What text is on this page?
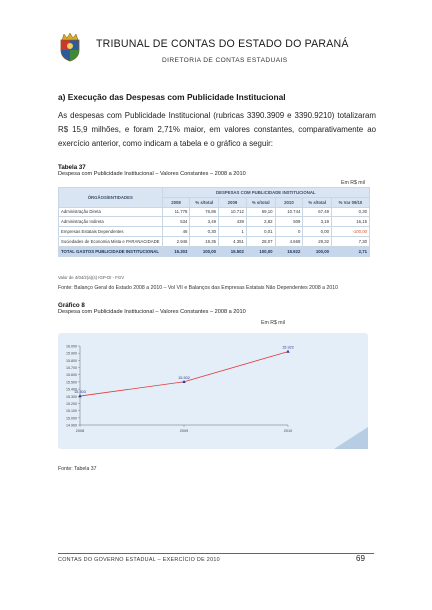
TRIBUNAL DE CONTAS DO ESTADO DO PARANÁ
DIRETORIA DE CONTAS ESTADUAIS
a) Execução das Despesas com Publicidade Institucional
As despesas com Publicidade Institucional (rubricas 3390.3909 e 3390.9210) totalizaram R$ 15,9 milhões, e foram 2,71% maior, em valores constantes, comparativamente ao exercício anterior, como indicam a tabela e o gráfico a seguir:
Tabela 37
Despesa com Publicidade Institucional – Valores Constantes – 2008 a 2010
Em R$ mil
ÓRGÃOS/ENTIDADES	DESPESAS COM PUBLICIDADE INSTITUCIONAL						
	2008	% s/total	2009	% s/total	2010	% s/total	% Var 09/10
Administração Direta	11.778	76,86	10.712	69,10	10.744	67,49	0,30
Administração Indireta	534	3,49	439	2,82	509	3,19	16,15
Empresas Estatais Dependentes	46	0,30	1	0,01	0	0,00	-100,00
Sociedades de Economia Mista e PARANACIDADE	2.946	19,35	4.351	28,07	4.669	29,32	7,30
TOTAL GASTOS PUBLICIDADE INSTITUCIONAL	15.303	100,00	15.502	100,00	15.922	100,00	2,71
Valor de 4/04/2(a)(s) IGP-DI - FGV
Fonte: Balanço Geral do Estado 2008 a 2010 – Vol VII e Balanços das Empresas Estatais Não Dependentes 2008 a 2010
Gráfico 8
Despesa com Publicidade Institucional – Valores Constantes – 2008 a 2010
Em R$ mil
14.900
15.000
15.100
15.200
15.300
15.400
15.500
15.600
15.700
15.800
15.900
16.000
2008	2009	2010
15.303
15.502
15.922
Fonte: Tabela 37
CONTAS DO GOVERNO ESTADUAL – EXERCÍCIO DE 2010	69
